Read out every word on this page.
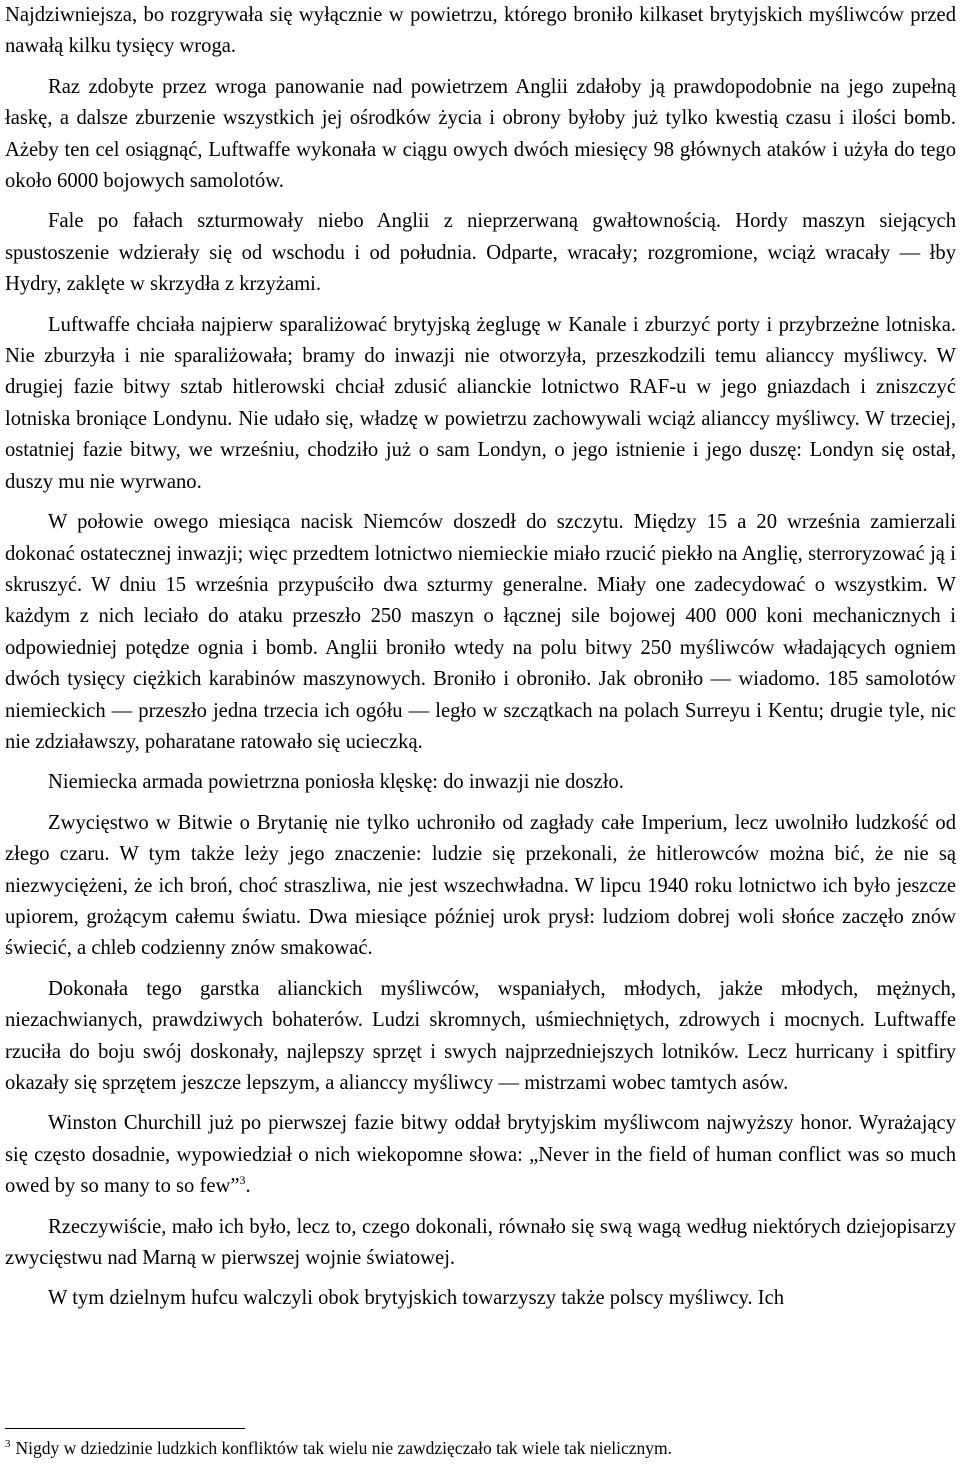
Najdziwniejsza, bo rozgrywała się wyłącznie w powietrzu, którego broniło kilkaset brytyjskich myśliwców przed nawałą kilku tysięcy wroga.

Raz zdobyte przez wroga panowanie nad powietrzem Anglii zdałoby ją prawdopodobnie na jego zupełną łaskę, a dalsze zburzenie wszystkich jej ośrodków życia i obrony byłoby już tylko kwestią czasu i ilości bomb. Ażeby ten cel osiągnąć, Luftwaffe wykonała w ciągu owych dwóch miesięcy 98 głównych ataków i użyła do tego około 6000 bojowych samolotów.

Fale po fałach szturmowały niebo Anglii z nieprzerwaną gwałtownością. Hordy maszyn siejących spustoszenie wdzierały się od wschodu i od południa. Odparte, wracały; rozgromione, wciąż wracały — łby Hydry, zaklęte w skrzydła z krzyżami.

Luftwaffe chciała najpierw sparaliżować brytyjską żeglugę w Kanale i zburzyć porty i przybrzeżne lotniska. Nie zburzyła i nie sparaliżowała; bramy do inwazji nie otworzyła, przeszkodzili temu alianccy myśliwcy. W drugiej fazie bitwy sztab hitlerowski chciał zdusić alianckie lotnictwo RAF-u w jego gniazdach i zniszczyć lotniska broniące Londynu. Nie udało się, władzę w powietrzu zachowywali wciąż alianccy myśliwcy. W trzeciej, ostatniej fazie bitwy, we wrześniu, chodziło już o sam Londyn, o jego istnienie i jego duszę: Londyn się ostał, duszy mu nie wyrwano.

W połowie owego miesiąca nacisk Niemców doszedł do szczytu. Między 15 a 20 września zamierzali dokonać ostatecznej inwazji; więc przedtem lotnictwo niemieckie miało rzucić piekło na Anglię, sterroryzować ją i skruszyć. W dniu 15 września przypuściło dwa szturmy generalne. Miały one zadecydować o wszystkim. W każdym z nich leciało do ataku przeszło 250 maszyn o łącznej sile bojowej 400 000 koni mechanicznych i odpowiedniej potędze ognia i bomb. Anglii broniło wtedy na polu bitwy 250 myśliwców władających ogniem dwóch tysięcy ciężkich karabinów maszynowych. Broniło i obroniło. Jak obroniło — wiadomo. 185 samolotów niemieckich — przeszło jedna trzecia ich ogółu — legło w szczątkach na polach Surreyu i Kentu; drugie tyle, nic nie zdziaławszy, poharatane ratowało się ucieczką.

Niemiecka armada powietrzna poniosła klęskę: do inwazji nie doszło.

Zwycięstwo w Bitwie o Brytanię nie tylko uchroniło od zagłady całe Imperium, lecz uwolniło ludzkość od złego czaru. W tym także leży jego znaczenie: ludzie się przekonali, że hitlerowców można bić, że nie są niezwyciężeni, że ich broń, choć straszliwa, nie jest wszechwładna. W lipcu 1940 roku lotnictwo ich było jeszcze upiorem, grożącym całemu światu. Dwa miesiące później urok prysł: ludziom dobrej woli słońce zaczęło znów świecić, a chleb codzienny znów smakować.

Dokonała tego garstka alianckich myśliwców, wspaniałych, młodych, jakże młodych, mężnych, niezachwianych, prawdziwych bohaterów. Ludzi skromnych, uśmiechniętych, zdrowych i mocnych. Luftwaffe rzuciła do boju swój doskonały, najlepszy sprzęt i swych najprzedniejszych lotników. Lecz hurricany i spitfiry okazały się sprzętem jeszcze lepszym, a alianccy myśliwcy — mistrzami wobec tamtych asów.

Winston Churchill już po pierwszej fazie bitwy oddał brytyjskim myśliwcom najwyższy honor. Wyrażający się często dosadnie, wypowiedział o nich wiekopomne słowa: „Never in the field of human conflict was so much owed by so many to so few”$^3$.

Rzeczywiście, mało ich było, lecz to, czego dokonali, równało się swą wagą według niektórych dziejopisarzy zwycięstwu nad Marną w pierwszej wojnie światowej.

W tym dzielnym hufcu walczyli obok brytyjskich towarzyszy także polscy myśliwcy. Ich

$^3$ Nigdy w dziedzinie ludzkich konfliktów tak wielu nie zawdzięczało tak wiele tak nielicznym.
